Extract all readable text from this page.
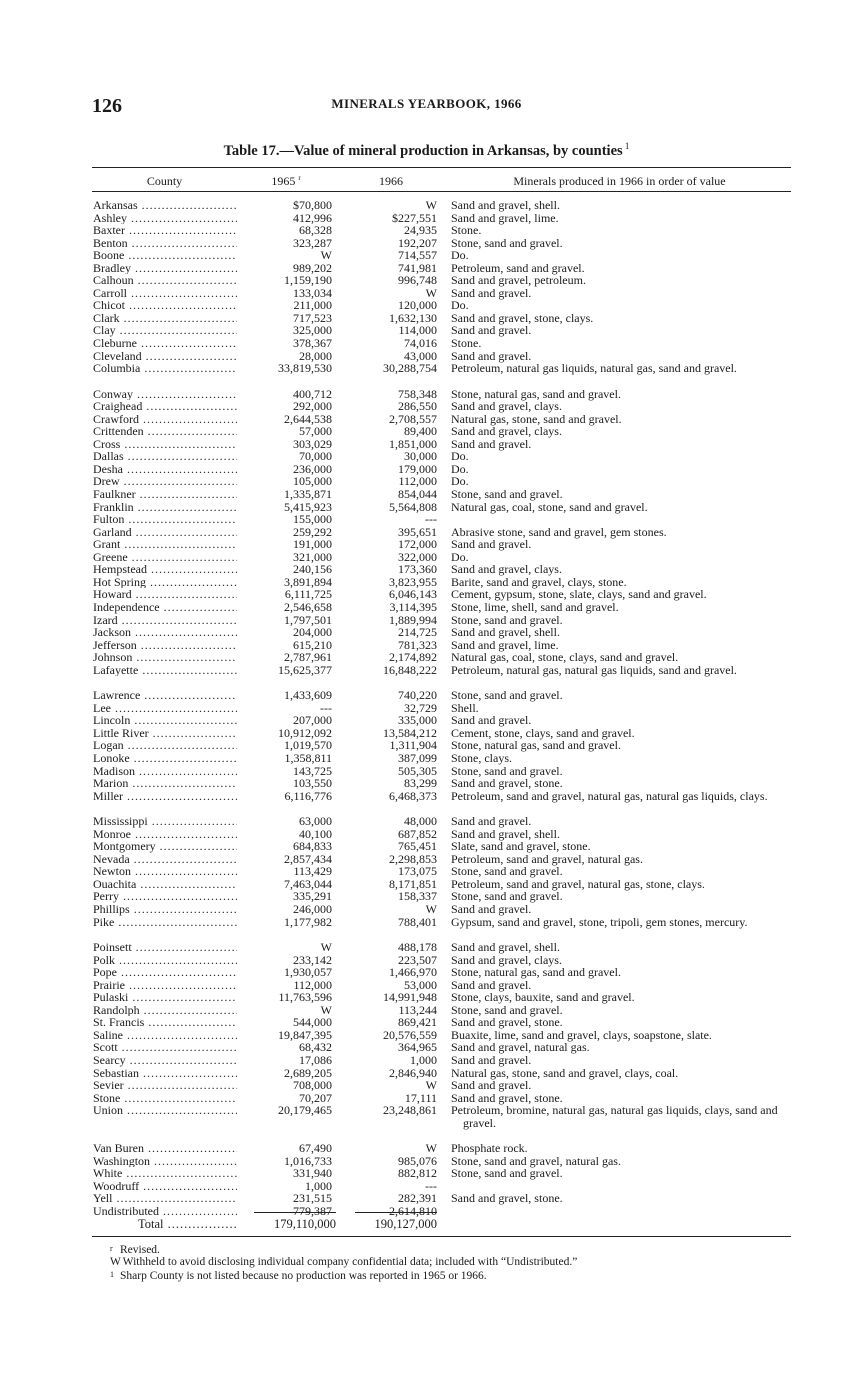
126	MINERALS YEARBOOK, 1966
Table 17.—Value of mineral production in Arkansas, by counties $^1$
County	1965 $^r$	1966	Minerals produced in 1966 in order of value
Arkansas .....	$70,800	W Sand and gravel, shell.
Ashley .....	412,996	$227,551 Sand and gravel, lime.
Baxter .....	68,328	24,935 Stone.
Benton .....	323,287	192,207 Stone, sand and gravel.
Boone .....	W	714,557 Do.
Bradley .....	989,202	741,981 Petroleum, sand and gravel.
Calhoun .....	1,159,190	996,748 Sand and gravel, petroleum.
Carroll .....	133,034	W Sand and gravel.
Chicot .....	211,000	120,000 Do.
Clark .....	717,523	1,632,130 Sand and gravel, stone, clays.
Clay .....	325,000	114,000 Sand and gravel.
Cleburne .....	378,367	74,016 Stone.
Cleveland .....	28,000	43,000 Sand and gravel.
Columbia .....	33,819,530	30,288,754 Petroleum, natural gas liquids, natural gas, sand and gravel.
Conway .....	400,712	758,348 Stone, natural gas, sand and gravel.
Craighead .....	292,000	286,550 Sand and gravel, clays.
Crawford .....	2,644,538	2,708,557 Natural gas, stone, sand and gravel.
Crittenden .....	57,000	89,400 Sand and gravel, clays.
Cross .....	303,029	1,851,000 Sand and gravel.
Dallas .....	70,000	30,000 Do.
Desha .....	236,000	179,000 Do.
Drew .....	105,000	112,000 Do.
Faulkner .....	1,335,871	854,044 Stone, sand and gravel.
Franklin .....	5,415,923	5,564,808 Natural gas, coal, stone, sand and gravel.
Fulton .....	155,000	---
Garland .....	259,292	395,651 Abrasive stone, sand and gravel, gem stones.
Grant .....	191,000	172,000 Sand and gravel.
Greene .....	321,000	322,000 Do.
Hempstead .....	240,156	173,360 Sand and gravel, clays.
Hot Spring .....	3,891,894	3,823,955 Barite, sand and gravel, clays, stone.
Howard .....	6,111,725	6,046,143 Cement, gypsum, stone, slate, clays, sand and gravel.
Independence .....	2,546,658	3,114,395 Stone, lime, shell, sand and gravel.
Izard .....	1,797,501	1,889,994 Stone, sand and gravel.
Jackson .....	204,000	214,725 Sand and gravel, shell.
Jefferson .....	615,210	781,323 Sand and gravel, lime.
Johnson .....	2,787,961	2,174,892 Natural gas, coal, stone, clays, sand and gravel.
Lafayette .....	15,625,377	16,848,222 Petroleum, natural gas, natural gas liquids, sand and gravel.
Lawrence .....	1,433,609	740,220 Stone, sand and gravel.
Lee .....	---	32,729 Shell.
Lincoln .....	207,000	335,000 Sand and gravel.
Little River .....	10,912,092	13,584,212 Cement, stone, clays, sand and gravel.
Logan .....	1,019,570	1,311,904 Stone, natural gas, sand and gravel.
Lonoke .....	1,358,811	387,099 Stone, clays.
Madison .....	143,725	505,305 Stone, sand and gravel.
Marion .....	103,550	83,299 Sand and gravel, stone.
Miller .....	6,116,776	6,468,373 Petroleum, sand and gravel, natural gas, natural gas liquids, clays.
Mississippi .....	63,000	48,000 Sand and gravel.
Monroe .....	40,100	687,852 Sand and gravel, shell.
Montgomery .....	684,833	765,451 Slate, sand and gravel, stone.
Nevada .....	2,857,434	2,298,853 Petroleum, sand and gravel, natural gas.
Newton .....	113,429	173,075 Stone, sand and gravel.
Ouachita .....	7,463,044	8,171,851 Petroleum, sand and gravel, natural gas, stone, clays.
Perry .....	335,291	158,337 Stone, sand and gravel.
Phillips .....	246,000	W Sand and gravel.
Pike .....	1,177,982	788,401 Gypsum, sand and gravel, stone, tripoli, gem stones, mercury.
Poinsett .....	W	488,178 Sand and gravel, shell.
Polk .....	233,142	223,507 Sand and gravel, clays.
Pope .....	1,930,057	1,466,970 Stone, natural gas, sand and gravel.
Prairie .....	112,000	53,000 Sand and gravel.
Pulaski .....	11,763,596	14,991,948 Stone, clays, bauxite, sand and gravel.
Randolph .....	W	113,244 Stone, sand and gravel.
St. Francis .....	544,000	869,421 Sand and gravel, stone.
Saline .....	19,847,395	20,576,559 Buaxite, lime, sand and gravel, clays, soapstone, slate.
Scott .....	68,432	364,965 Sand and gravel, natural gas.
Searcy .....	17,086	1,000 Sand and gravel.
Sebastian .....	2,689,205	2,846,940 Natural gas, stone, sand and gravel, clays, coal.
Sevier .....	708,000	W Sand and gravel.
Stone .....	70,207	17,111 Sand and gravel, stone.
Union .....	20,179,465	23,248,861 Petroleum, bromine, natural gas, natural gas liquids, clays, sand and gravel.
Van Buren .....	67,490	W Phosphate rock.
Washington .....	1,016,733	985,076 Stone, sand and gravel, natural gas.
White .....	331,940	882,812 Stone, sand and gravel.
Woodruff .....	1,000	---
Yell .....	231,515	282,391 Sand and gravel, stone.
Undistributed .....	779,387	2,614,810
Total .....	179,110,000	190,127,000
r Revised.
W Withheld to avoid disclosing individual company confidential data; included with “Undistributed.”
1 Sharp County is not listed because no production was reported in 1965 or 1966.
